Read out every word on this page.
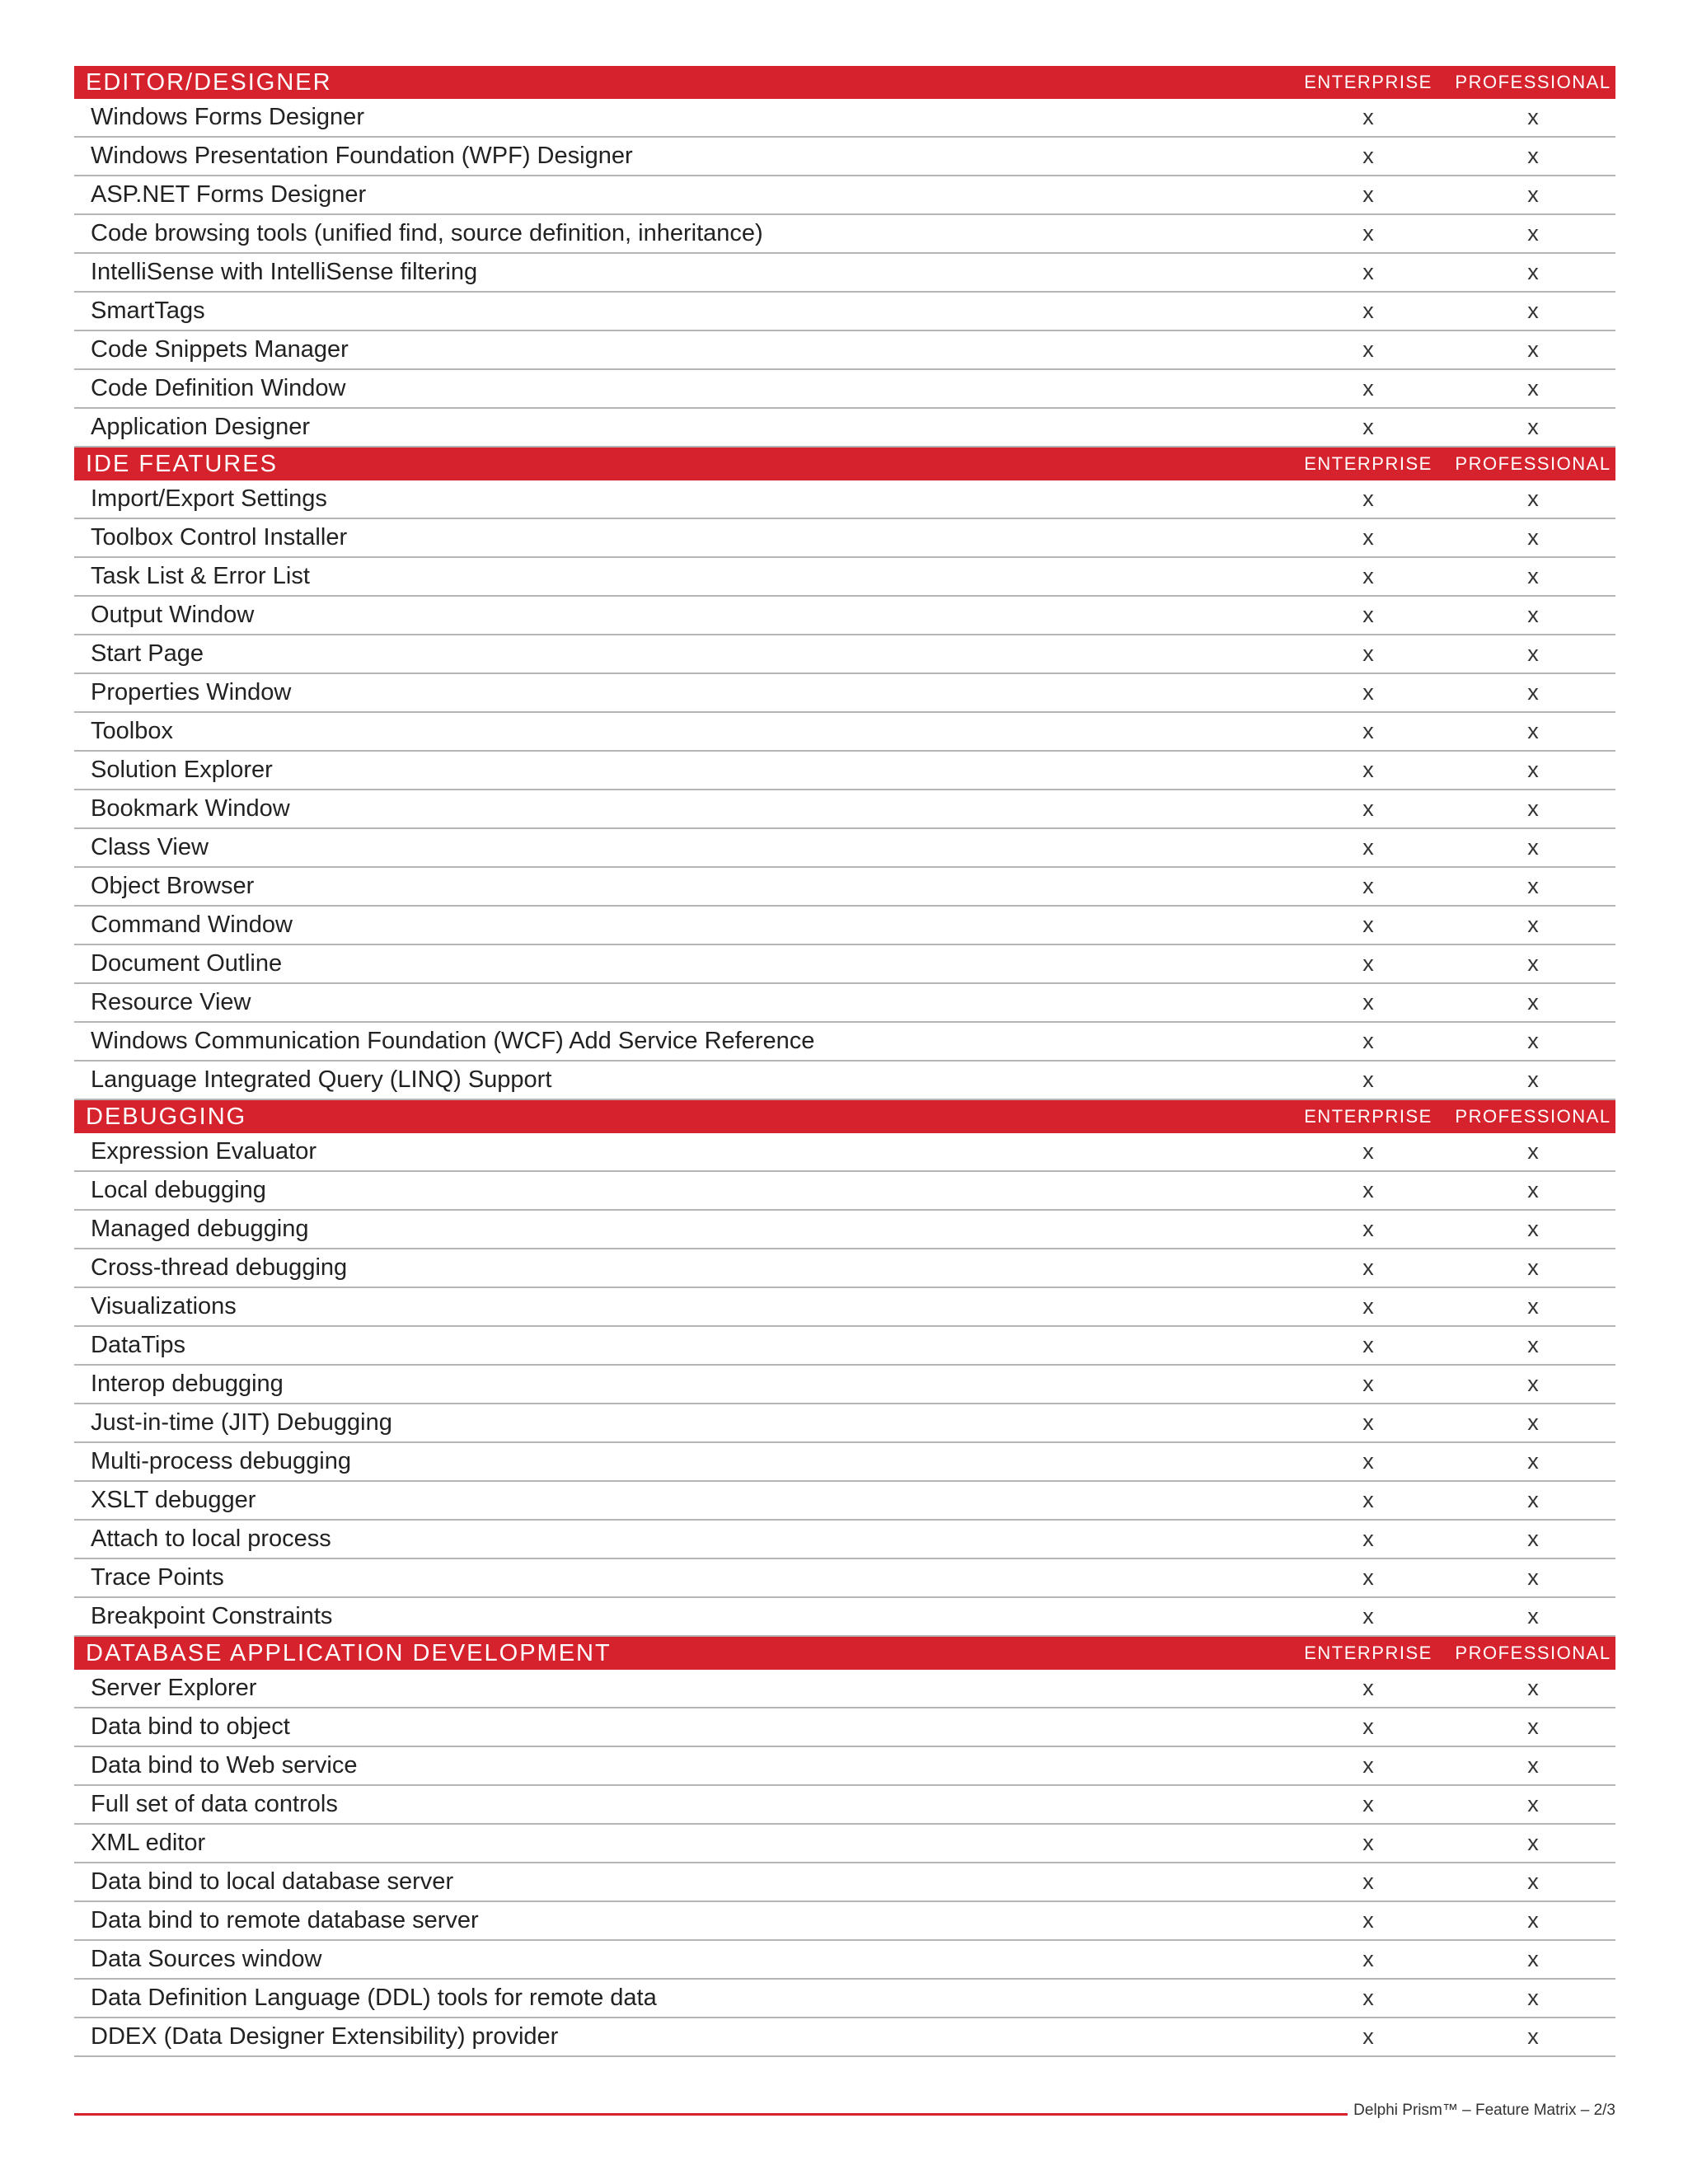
EDITOR/DESIGNER	ENTERPRISE	PROFESSIONAL
Windows Forms Designer	x	x
Windows Presentation Foundation (WPF) Designer	x	x
ASP.NET Forms Designer	x	x
Code browsing tools (unified find, source definition, inheritance)	x	x
IntelliSense with IntelliSense filtering	x	x
SmartTags	x	x
Code Snippets Manager	x	x
Code Definition Window	x	x
Application Designer	x	x
IDE FEATURES	ENTERPRISE	PROFESSIONAL
Import/Export Settings	x	x
Toolbox Control Installer	x	x
Task List & Error List	x	x
Output Window	x	x
Start Page	x	x
Properties Window	x	x
Toolbox	x	x
Solution Explorer	x	x
Bookmark Window	x	x
Class View	x	x
Object Browser	x	x
Command Window	x	x
Document Outline	x	x
Resource View	x	x
Windows Communication Foundation (WCF) Add Service Reference	x	x
Language Integrated Query (LINQ) Support	x	x
DEBUGGING	ENTERPRISE	PROFESSIONAL
Expression Evaluator	x	x
Local debugging	x	x
Managed debugging	x	x
Cross-thread debugging	x	x
Visualizations	x	x
DataTips	x	x
Interop debugging	x	x
Just-in-time (JIT) Debugging	x	x
Multi-process debugging	x	x
XSLT debugger	x	x
Attach to local process	x	x
Trace Points	x	x
Breakpoint Constraints	x	x
DATABASE APPLICATION DEVELOPMENT	ENTERPRISE	PROFESSIONAL
Server Explorer	x	x
Data bind to object	x	x
Data bind to Web service	x	x
Full set of data controls	x	x
XML editor	x	x
Data bind to local database server	x	x
Data bind to remote database server	x	x
Data Sources window	x	x
Data Definition Language (DDL) tools for remote data	x	x
DDEX (Data Designer Extensibility) provider	x	x
Delphi Prism™ – Feature Matrix – 2/3
